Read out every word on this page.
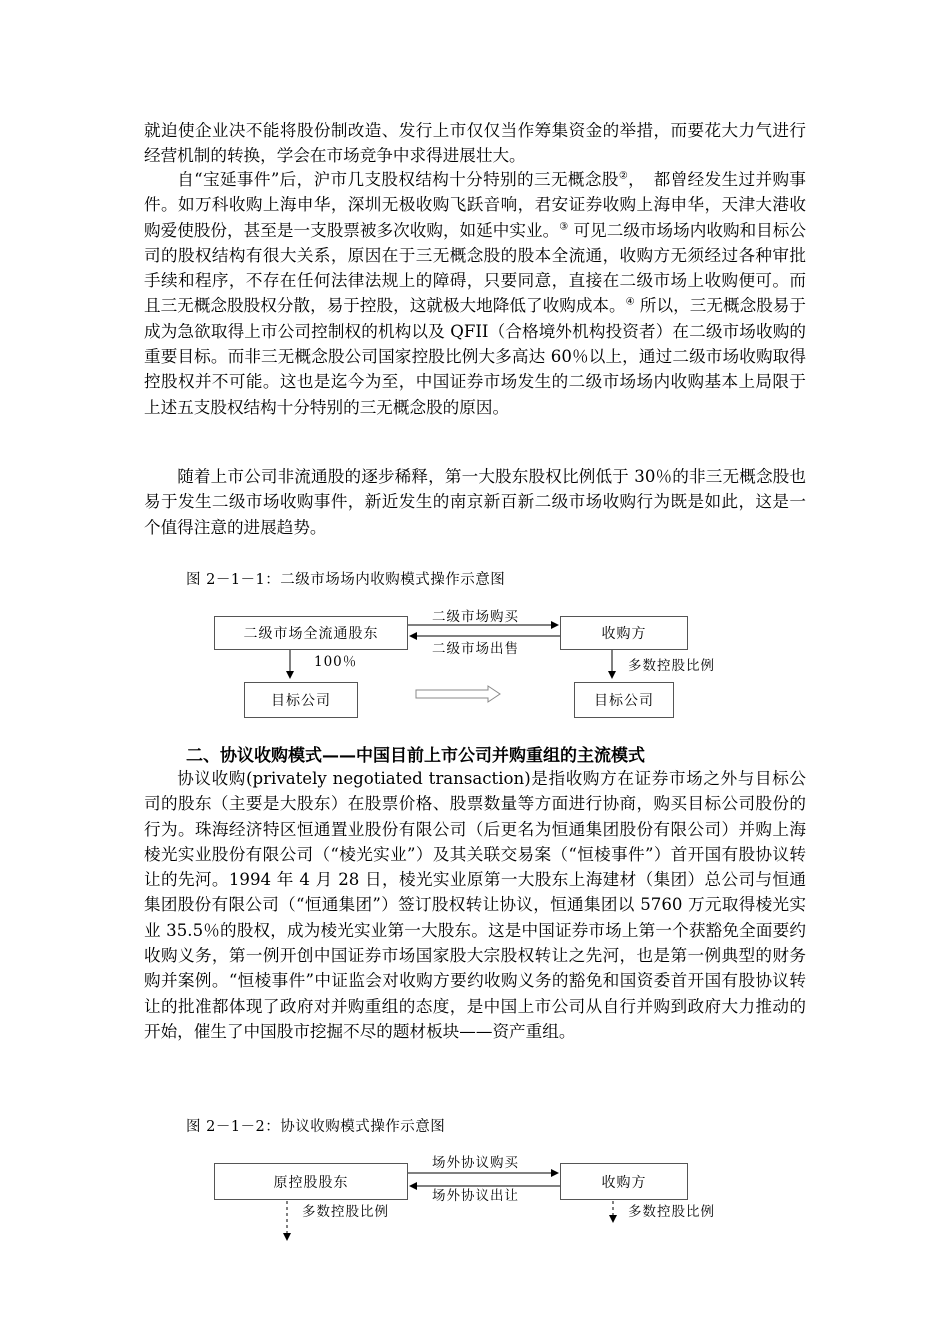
就迫使企业决不能将股份制改造、发行上市仅仅当作筹集资金的举措，而要花大力气进行经营机制的转换，学会在市场竞争中求得进展壮大。

自“宝延事件”后，沪市几支股权结构十分特别的三无概念股②，　都曾经发生过并购事件。如万科收购上海申华，深圳无极收购飞跃音响，君安证券收购上海申华，天津大港收购爱使股份，甚至是一支股票被多次收购，如延中实业。③ 可见二级市场场内收购和目标公司的股权结构有很大关系，原因在于三无概念股的股本全流通，收购方无须经过各种审批手续和程序，不存在任何法律法规上的障碍，只要同意，直接在二级市场上收购便可。而且三无概念股股权分散，易于控股，这就极大地降低了收购成本。④ 所以，三无概念股易于成为急欲取得上市公司控制权的机构以及 QFII（合格境外机构投资者）在二级市场收购的重要目标。而非三无概念股公司国家控股比例大多高达 60％以上，通过二级市场收购取得控股权并不可能。这也是迄今为至，中国证券市场发生的二级市场场内收购基本上局限于上述五支股权结构十分特别的三无概念股的原因。

随着上市公司非流通股的逐步稀释，第一大股东股权比例低于 30％的非三无概念股也易于发生二级市场收购事件，新近发生的南京新百新二级市场收购行为既是如此，这是一个值得注意的进展趋势。

图 2－1－1：二级市场场内收购模式操作示意图
二级市场全流通股东	收购方
二级市场购买
二级市场出售
100％	多数控股比例
目标公司	目标公司
二、协议收购模式——中国目前上市公司并购重组的主流模式

协议收购(privately negotiated transaction)是指收购方在证券市场之外与目标公司的股东（主要是大股东）在股票价格、股票数量等方面进行协商，购买目标公司股份的行为。珠海经济特区恒通置业股份有限公司（后更名为恒通集团股份有限公司）并购上海棱光实业股份有限公司（“棱光实业”）及其关联交易案（“恒棱事件”）首开国有股协议转让的先河。1994 年 4 月 28 日，棱光实业原第一大股东上海建材（集团）总公司与恒通集团股份有限公司（“恒通集团”）签订股权转让协议，恒通集团以 5760 万元取得棱光实业 35.5％的股权，成为棱光实业第一大股东。这是中国证券市场上第一个获豁免全面要约收购义务，第一例开创中国证券市场国家股大宗股权转让之先河，也是第一例典型的财务购并案例。“恒棱事件”中证监会对收购方要约收购义务的豁免和国资委首开国有股协议转让的批准都体现了政府对并购重组的态度，是中国上市公司从自行并购到政府大力推动的开始，催生了中国股市挖掘不尽的题材板块——资产重组。

图 2－1－2：协议收购模式操作示意图
原控股股东	收购方
场外协议购买
场外协议出让
多数控股比例	多数控股比例
